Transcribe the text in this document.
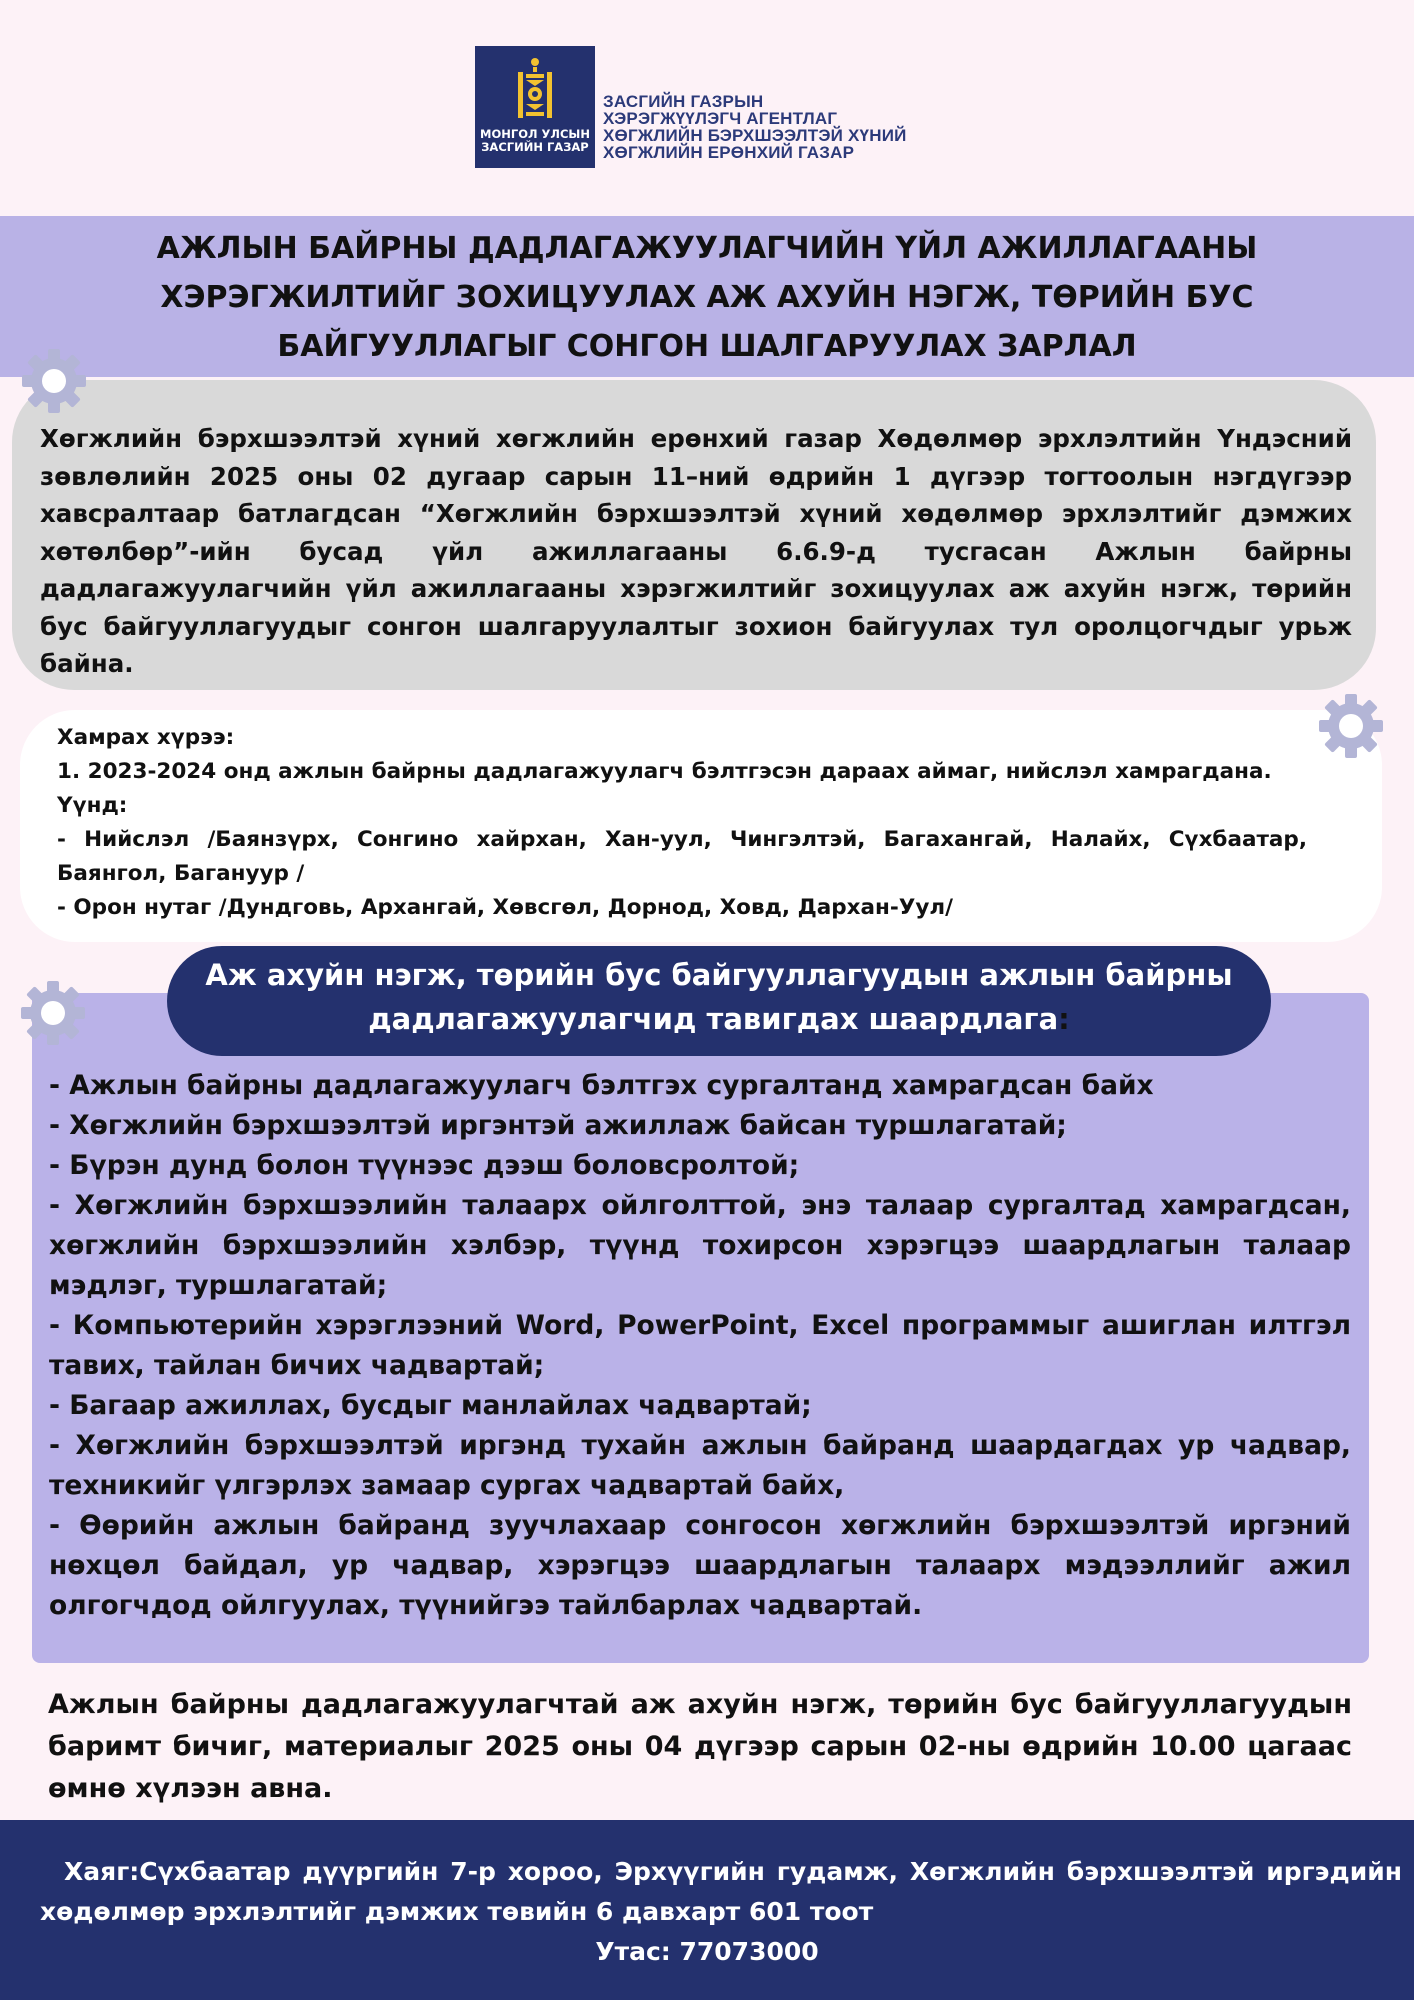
МОНГОЛ УЛСЫН
ЗАСГИЙН ГАЗАР
ЗАСГИЙН ГАЗРЫН
ХЭРЭГЖҮҮЛЭГЧ АГЕНТЛАГ
ХӨГЖЛИЙН БЭРХШЭЭЛТЭЙ ХҮНИЙ
ХӨГЖЛИЙН ЕРӨНХИЙ ГАЗАР
АЖЛЫН БАЙРНЫ ДАДЛАГАЖУУЛАГЧИЙН ҮЙЛ АЖИЛЛАГААНЫ ХЭРЭГЖИЛТИЙГ ЗОХИЦУУЛАХ АЖ АХУЙН НЭГЖ, ТӨРИЙН БУС БАЙГУУЛЛАГЫГ СОНГОН ШАЛГАРУУЛАХ ЗАРЛАЛ
Хөгжлийн бэрхшээлтэй хүний хөгжлийн ерөнхий газар Хөдөлмөр эрхлэлтийн Үндэсний зөвлөлийн 2025 оны 02 дугаар сарын 11–ний өдрийн 1 дүгээр тогтоолын нэгдүгээр хавсралтаар батлагдсан “Хөгжлийн бэрхшээлтэй хүний хөдөлмөр эрхлэлтийг дэмжих хөтөлбөр”-ийн бусад үйл ажиллагааны 6.6.9-д тусгасан Ажлын байрны дадлагажуулагчийн үйл ажиллагааны хэрэгжилтийг зохицуулах аж ахуйн нэгж, төрийн бус байгууллагуудыг сонгон шалгаруулалтыг зохион байгуулах тул оролцогчдыг урьж байна.
Хамрах хүрээ:
1. 2023-2024 онд ажлын байрны дадлагажуулагч бэлтгэсэн дараах аймаг, нийслэл хамрагдана.
Үүнд:
- Нийслэл /Баянзүрх, Сонгино хайрхан, Хан-уул, Чингэлтэй, Багахангай, Налайх, Сүхбаатар, Баянгол, Багануур /
- Орон нутаг /Дундговь, Архангай, Хөвсгөл, Дорнод, Ховд, Дархан-Уул/
Аж ахуйн нэгж, төрийн бус байгууллагуудын ажлын байрны дадлагажуулагчид тавигдах шаардлага:
- Ажлын байрны дадлагажуулагч бэлтгэх сургалтанд хамрагдсан байх
- Хөгжлийн бэрхшээлтэй иргэнтэй ажиллаж байсан туршлагатай;
- Бүрэн дунд болон түүнээс дээш боловсролтой;
- Хөгжлийн бэрхшээлийн талаарх ойлголттой, энэ талаар сургалтад хамрагдсан, хөгжлийн бэрхшээлийн хэлбэр, түүнд тохирсон хэрэгцээ шаардлагын талаар мэдлэг, туршлагатай;
- Компьютерийн хэрэглээний Word, PowerPoint, Excel программыг ашиглан илтгэл тавих, тайлан бичих чадвартай;
- Багаар ажиллах, бусдыг манлайлах чадвартай;
- Хөгжлийн бэрхшээлтэй иргэнд тухайн ажлын байранд шаардагдах ур чадвар, техникийг үлгэрлэх замаар сургах чадвартай байх,
- Өөрийн ажлын байранд зуучлахаар сонгосон хөгжлийн бэрхшээлтэй иргэний нөхцөл байдал, ур чадвар, хэрэгцээ шаардлагын талаарх мэдээллийг ажил олгогчдод ойлгуулах, түүнийгээ тайлбарлах чадвартай.
Ажлын байрны дадлагажуулагчтай аж ахуйн нэгж, төрийн бус байгууллагуудын баримт бичиг, материалыг 2025 оны 04 дүгээр сарын 02-ны өдрийн 10.00 цагаас өмнө хүлээн авна.
Хаяг:Сүхбаатар дүүргийн 7-р хороо, Эрхүүгийн гудамж, Хөгжлийн бэрхшээлтэй иргэдийн хөдөлмөр эрхлэлтийг дэмжих төвийн 6 давхарт 601 тоот
Утас: 77073000
